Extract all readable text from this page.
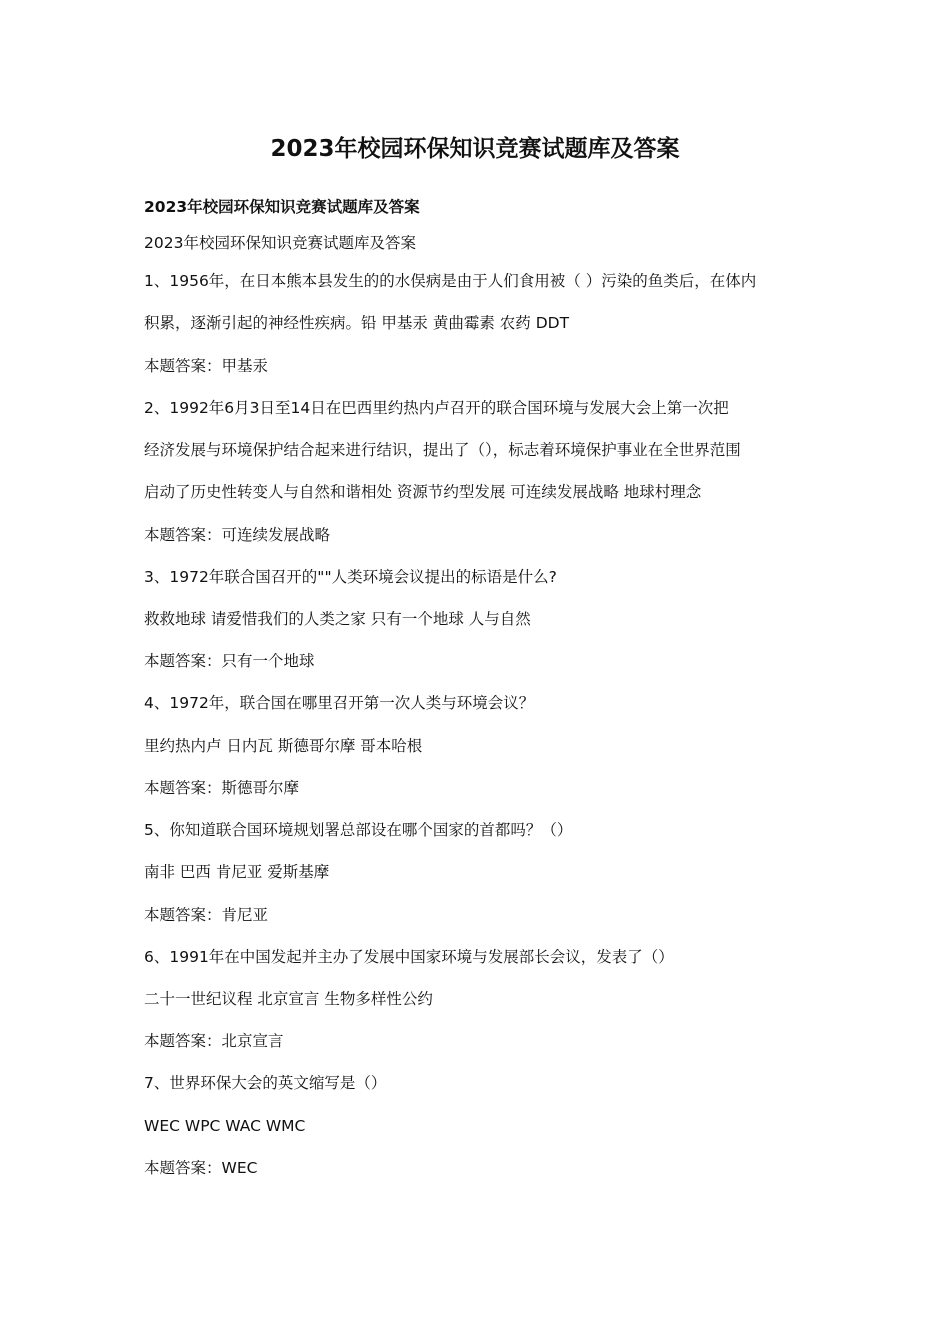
2023年校园环保知识竞赛试题库及答案
2023年校园环保知识竞赛试题库及答案
2023年校园环保知识竞赛试题库及答案
1、1956年，在日本熊本县发生的的水俣病是由于人们食用被（ ）污染的鱼类后，在体内
积累，逐渐引起的神经性疾病。铅 甲基汞 黄曲霉素 农药 DDT
本题答案：甲基汞
2、1992年6月3日至14日在巴西里约热内卢召开的联合国环境与发展大会上第一次把
经济发展与环境保护结合起来进行结识，提出了（），标志着环境保护事业在全世界范围
启动了历史性转变人与自然和谐相处 资源节约型发展 可连续发展战略 地球村理念
本题答案：可连续发展战略
3、1972年联合国召开的""人类环境会议提出的标语是什么?
救救地球 请爱惜我们的人类之家 只有一个地球 人与自然
本题答案：只有一个地球
4、1972年，联合国在哪里召开第一次人类与环境会议？
里约热内卢 日内瓦 斯德哥尔摩 哥本哈根
本题答案：斯德哥尔摩
5、你知道联合国环境规划署总部设在哪个国家的首都吗？（）
南非 巴西 肯尼亚 爱斯基摩
本题答案：肯尼亚
6、1991年在中国发起并主办了发展中国家环境与发展部长会议，发表了（）
二十一世纪议程 北京宣言 生物多样性公约
本题答案：北京宣言
7、世界环保大会的英文缩写是（）
WEC WPC WAC WMC
本题答案：WEC
